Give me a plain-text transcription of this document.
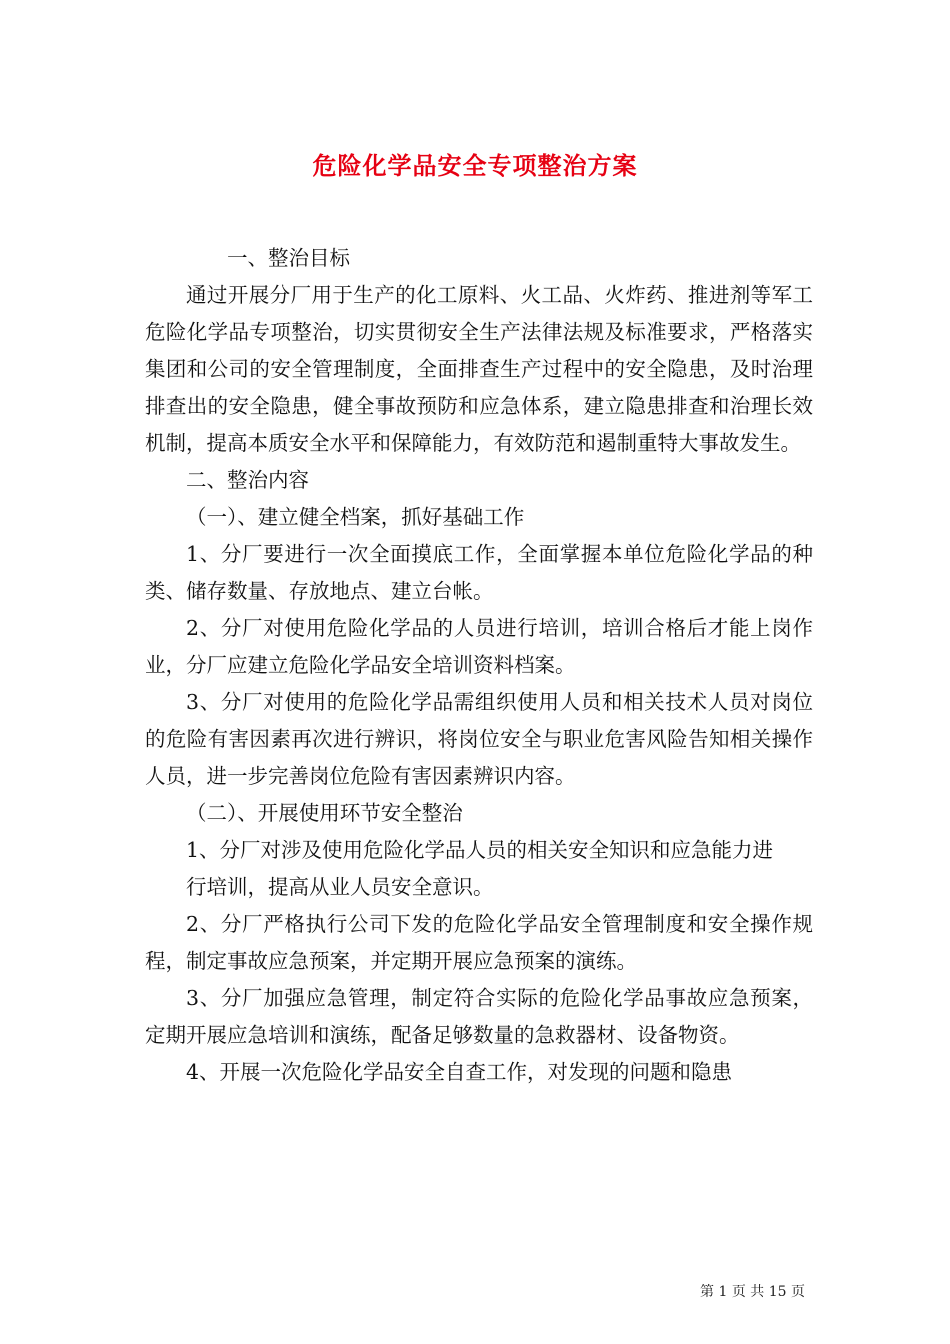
危险化学品安全专项整治方案

一、整治目标

通过开展分厂用于生产的化工原料、火工品、火炸药、推进剂等军工危险化学品专项整治，切实贯彻安全生产法律法规及标准要求，严格落实集团和公司的安全管理制度，全面排查生产过程中的安全隐患，及时治理排查出的安全隐患，健全事故预防和应急体系，建立隐患排查和治理长效机制，提高本质安全水平和保障能力，有效防范和遏制重特大事故发生。

二、整治内容

（一）、建立健全档案，抓好基础工作

1、分厂要进行一次全面摸底工作，全面掌握本单位危险化学品的种类、储存数量、存放地点、建立台帐。

2、分厂对使用危险化学品的人员进行培训，培训合格后才能上岗作业，分厂应建立危险化学品安全培训资料档案。

3、分厂对使用的危险化学品需组织使用人员和相关技术人员对岗位的危险有害因素再次进行辨识，将岗位安全与职业危害风险告知相关操作人员，进一步完善岗位危险有害因素辨识内容。

（二）、开展使用环节安全整治

1、分厂对涉及使用危险化学品人员的相关安全知识和应急能力进

行培训，提高从业人员安全意识。

2、分厂严格执行公司下发的危险化学品安全管理制度和安全操作规程，制定事故应急预案，并定期开展应急预案的演练。

3、分厂加强应急管理，制定符合实际的危险化学品事故应急预案，定期开展应急培训和演练，配备足够数量的急救器材、设备物资。

4、开展一次危险化学品安全自查工作，对发现的问题和隐患

第 1 页 共 15 页
